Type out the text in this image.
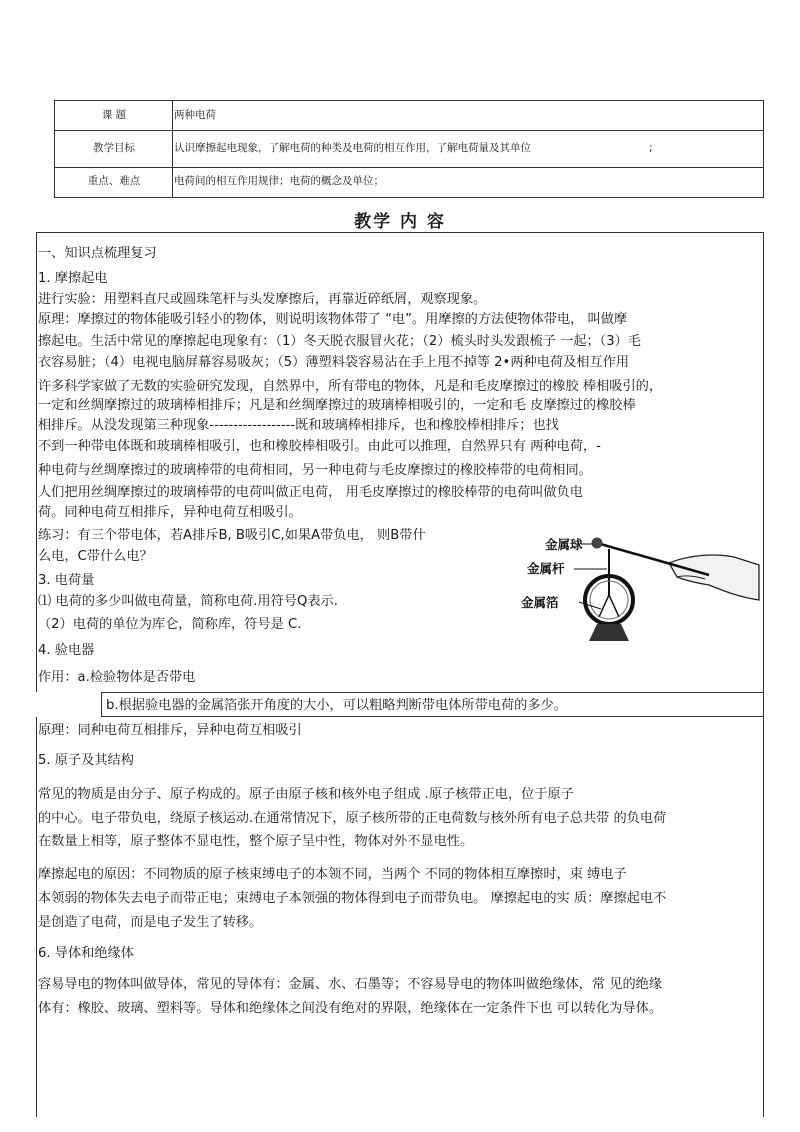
课 题	两种电荷
教学目标	认识摩擦起电现象，了解电荷的种类及电荷的相互作用，了解电荷量及其单位	;
重点、难点	电荷间的相互作用规律；电荷的概念及单位；
教学 内 容
一、知识点梳理复习
1. 摩擦起电
进行实验：用塑料直尺或圆珠笔杆与头发摩擦后，再靠近碎纸屑，观察现象。
原理：摩擦过的物体能吸引轻小的物体，则说明该物体带了 “电”。用摩擦的方法使物体带电， 叫做摩
擦起电。生活中常见的摩擦起电现象有：（1）冬天脱衣服冒火花；（2）梳头时头发跟梳子 一起；（3）毛
衣容易脏；（4）电视电脑屏幕容易吸灰；（5）薄塑料袋容易沾在手上甩不掉等 2•两种电荷及相互作用
许多科学家做了无数的实验研究发现，自然界中，所有带电的物体，凡是和毛皮摩擦过的橡胶 棒相吸引的，
一定和丝绸摩擦过的玻璃棒相排斥；凡是和丝绸摩擦过的玻璃棒相吸引的，一定和毛 皮摩擦过的橡胶棒
相排斥。从没发现第三种现象------------------既和玻璃棒相排斥，也和橡胶棒相排斥；也找
不到一种带电体既和玻璃棒相吸引，也和橡胶棒相吸引。由此可以推理，自然界只有 两种电荷，-
种电荷与丝绸摩擦过的玻璃棒带的电荷相同，另一种电荷与毛皮摩擦过的橡胶棒带的电荷相同。
人们把用丝绸摩擦过的玻璃棒带的电荷叫做正电荷， 用毛皮摩擦过的橡胶棒带的电荷叫做负电
荷。同种电荷互相排斥，异种电荷互相吸引。
练习：有三个带电体，若A排斥B, B吸引C,如果A带负电， 则B带什
么电，C带什么电？
3. 电荷量
⑴ 电荷的多少叫做电荷量，简称电荷.用符号Q表示.
（2）电荷的单位为库仑，简称库，符号是 C.
4. 验电器
作用：a.检验物体是否带电
b.根据验电器的金属箔张开角度的大小，可以粗略判断带电体所带电荷的多少。
原理：同种电荷互相排斥，异种电荷互相吸引
5. 原子及其结构
常见的物质是由分子、原子构成的。原子由原子核和核外电子组成 .原子核带正电，位于原子
的中心。电子带负电，绕原子核运动.在通常情况下，原子核所带的正电荷数与核外所有电子总共带 的负电荷
在数量上相等，原子整体不显电性，整个原子呈中性，物体对外不显电性。
摩擦起电的原因：不同物质的原子核束缚电子的本领不同，当两个 不同的物体相互摩擦时，束 缚电子
本领弱的物体失去电子而带正电；束缚电子本领强的物体得到电子而带负电。 摩擦起电的实 质：摩擦起电不
是创造了电荷，而是电子发生了转移。
6. 导体和绝缘体
容易导电的物体叫做导体，常见的导体有：金属、水、石墨等；不容易导电的物体叫做绝缘体，常 见的绝缘
体有：橡胶、玻璃、塑料等。导体和绝缘体之间没有绝对的界限，绝缘体在一定条件下也 可以转化为导体。
金属球
金属杆
金属箔
